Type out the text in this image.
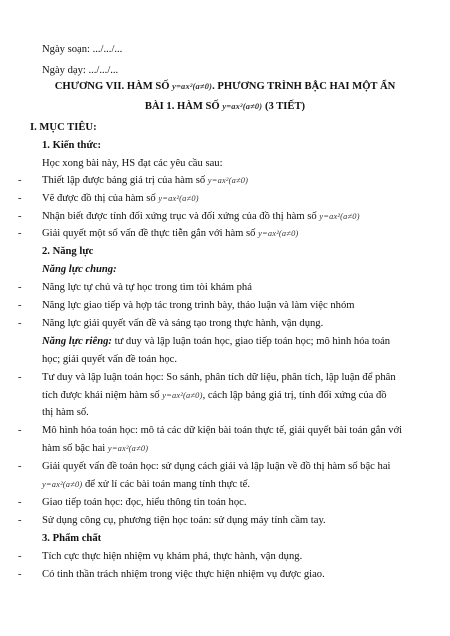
Ngày soạn: .../.../...
Ngày dạy: .../.../...
CHƯƠNG VII. HÀM SỐ y=ax²(a≠0). PHƯƠNG TRÌNH BẬC HAI MỘT ẨN
BÀI 1. HÀM SỐ y=ax²(a≠0) (3 TIẾT)
I. MỤC TIÊU:
1. Kiến thức:
Học xong bài này, HS đạt các yêu cầu sau:
- Thiết lập được bảng giá trị của hàm số y=ax²(a≠0)
- Vẽ được đồ thị của hàm số y=ax²(a≠0)
- Nhận biết được tính đối xứng trục và đối xứng của đồ thị hàm số y=ax²(a≠0)
- Giải quyết một số vấn đề thực tiễn gắn với hàm số y=ax²(a≠0)
2. Năng lực
Năng lực chung:
- Năng lực tự chủ và tự học trong tìm tòi khám phá
- Năng lực giao tiếp và hợp tác trong trình bày, thảo luận và làm việc nhóm
- Năng lực giải quyết vấn đề và sáng tạo trong thực hành, vận dụng.
Năng lực riêng: tư duy và lập luận toán học, giao tiếp toán học; mô hình hóa toán
học; giải quyết vấn đề toán học.
- Tư duy và lập luận toán học: So sánh, phân tích dữ liệu, phân tích, lập luận để phân
tích được khái niệm hàm số y=ax²(a≠0), cách lập bảng giá trị, tính đối xứng của đồ
thị hàm số.
- Mô hình hóa toán học: mô tả các dữ kiện bài toán thực tế, giải quyết bài toán gắn với
hàm số bậc hai y=ax²(a≠0)
- Giải quyết vấn đề toán học: sử dụng cách giải và lập luận về đồ thị hàm số bậc hai
y=ax²(a≠0) để xử lí các bài toán mang tính thực tế.
- Giao tiếp toán học: đọc, hiểu thông tin toán học.
- Sử dụng công cụ, phương tiện học toán: sử dụng máy tính cầm tay.
3. Phẩm chất
- Tích cực thực hiện nhiệm vụ khám phá, thực hành, vận dụng.
- Có tinh thần trách nhiệm trong việc thực hiện nhiệm vụ được giao.
